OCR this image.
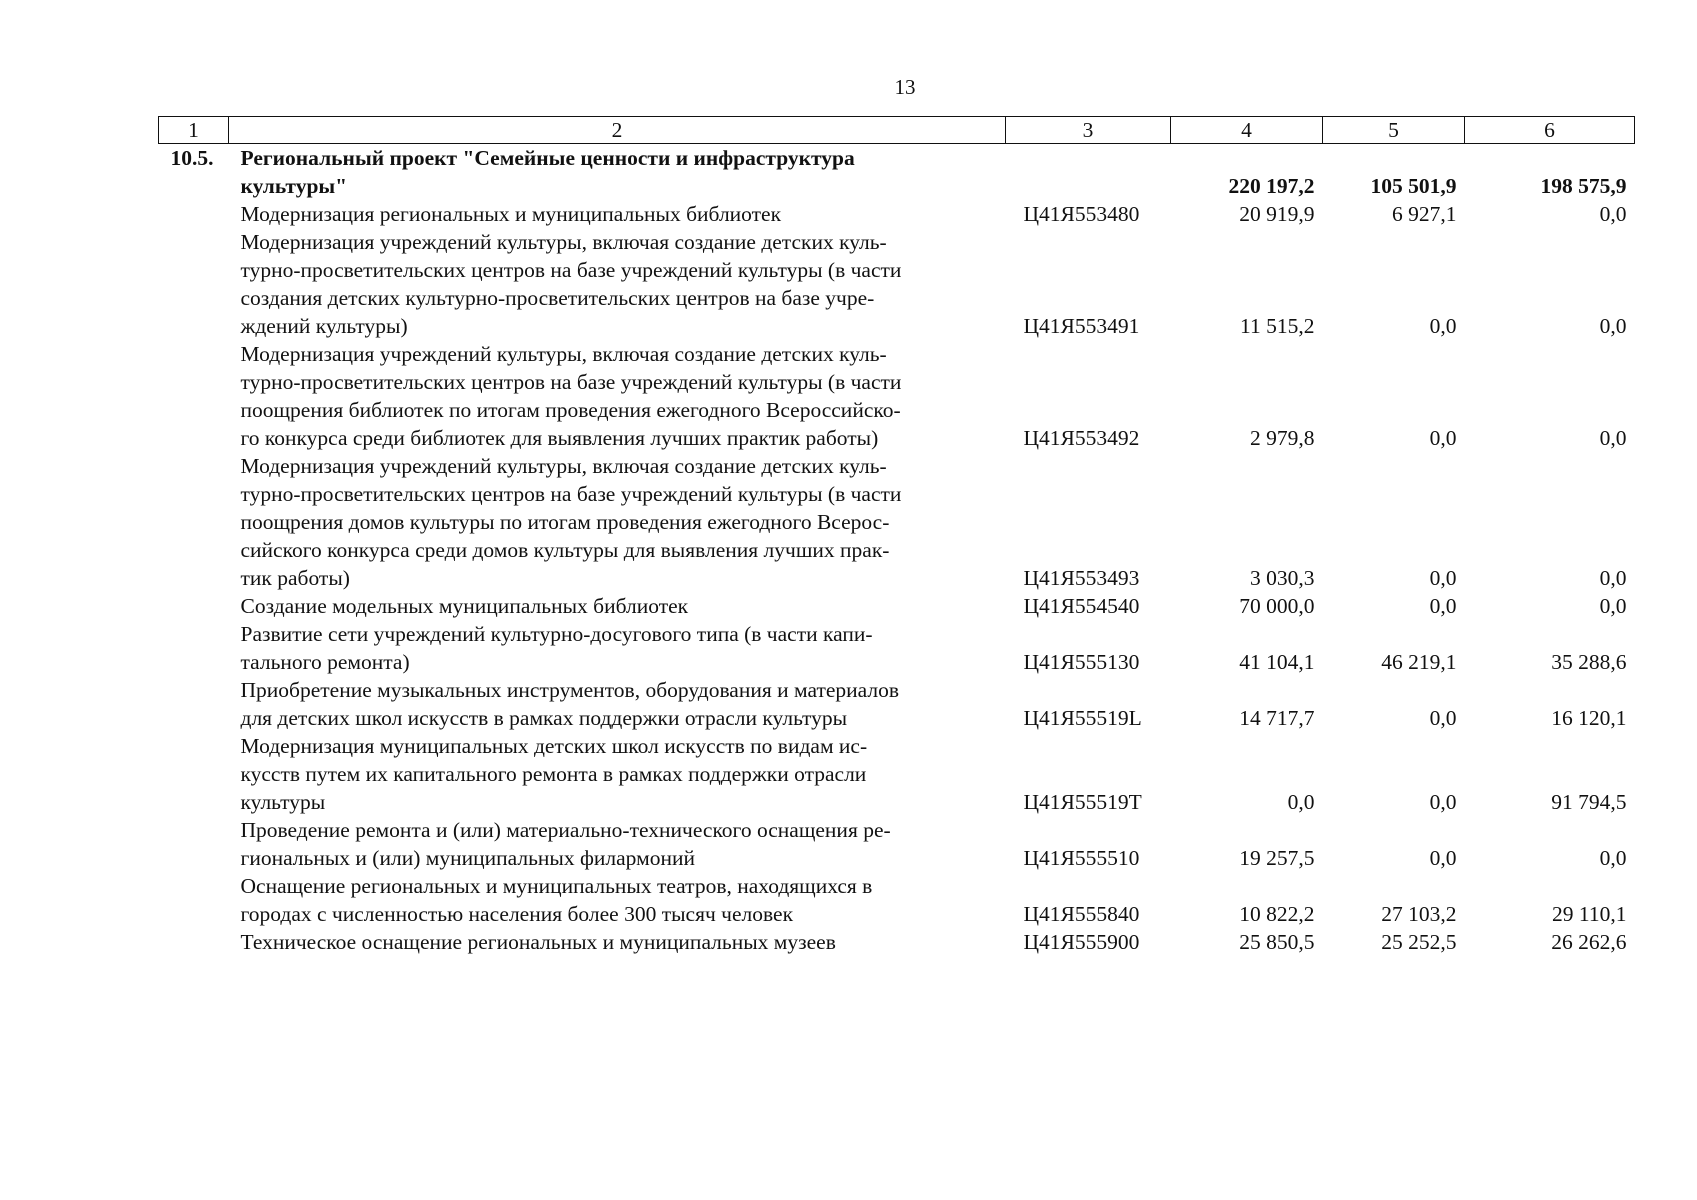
13
1	2	3	4	5	6
10.5.	Региональный проект "Семейные ценности и инфраструктура
культуры"		220 197,2	105 501,9	198 575,9
	Модернизация региональных и муниципальных библиотек	Ц41Я553480	20 919,9	6 927,1	0,0
	Модернизация учреждений культуры, включая создание детских куль-
турно-просветительских центров на базе учреждений культуры (в части
создания детских культурно-просветительских центров на базе учре-
ждений культуры)	Ц41Я553491	11 515,2	0,0	0,0
	Модернизация учреждений культуры, включая создание детских куль-
турно-просветительских центров на базе учреждений культуры (в части
поощрения библиотек по итогам проведения ежегодного Всероссийско-
го конкурса среди библиотек для выявления лучших практик работы)	Ц41Я553492	2 979,8	0,0	0,0
	Модернизация учреждений культуры, включая создание детских куль-
турно-просветительских центров на базе учреждений культуры (в части
поощрения домов культуры по итогам проведения ежегодного Всерос-
сийского конкурса среди домов культуры для выявления лучших прак-
тик работы)	Ц41Я553493	3 030,3	0,0	0,0
	Создание модельных муниципальных библиотек	Ц41Я554540	70 000,0	0,0	0,0
	Развитие сети учреждений культурно-досугового типа (в части капи-
тального ремонта)	Ц41Я555130	41 104,1	46 219,1	35 288,6
	Приобретение музыкальных инструментов, оборудования и материалов
для детских школ искусств в рамках поддержки отрасли культуры	Ц41Я55519L	14 717,7	0,0	16 120,1
	Модернизация муниципальных детских школ искусств по видам ис-
кусств путем их капитального ремонта в рамках поддержки отрасли
культуры	Ц41Я55519T	0,0	0,0	91 794,5
	Проведение ремонта и (или) материально-технического оснащения ре-
гиональных и (или) муниципальных филармоний	Ц41Я555510	19 257,5	0,0	0,0
	Оснащение региональных и муниципальных театров, находящихся в
городах с численностью населения более 300 тысяч человек	Ц41Я555840	10 822,2	27 103,2	29 110,1
	Техническое оснащение региональных и муниципальных музеев	Ц41Я555900	25 850,5	25 252,5	26 262,6
